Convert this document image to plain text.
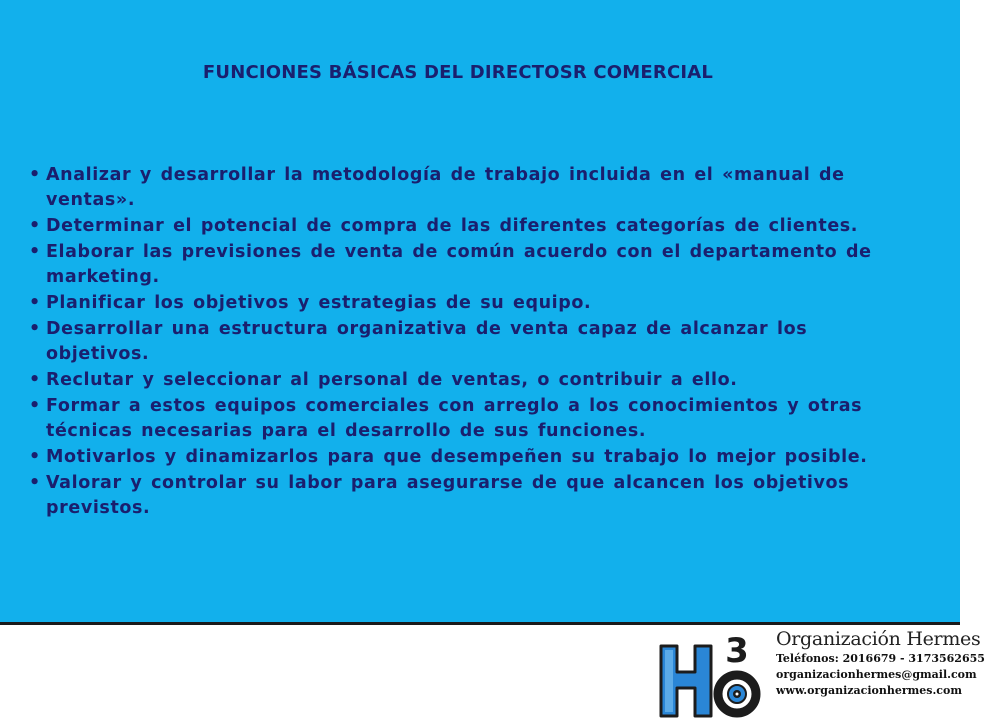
FUNCIONES BÁSICAS DEL DIRECTOSR COMERCIAL
• Analizar y desarrollar la metodología de trabajo incluida en el «manual de ventas».
• Determinar el potencial de compra de las diferentes categorías de clientes.
• Elaborar las previsiones de venta de común acuerdo con el departamento de marketing.
• Planificar los objetivos y estrategias de su equipo.
• Desarrollar una estructura organizativa de venta capaz de alcanzar los objetivos.
• Reclutar y seleccionar al personal de ventas, o contribuir a ello.
• Formar a estos equipos comerciales con arreglo a los conocimientos y otras técnicas necesarias para el desarrollo de sus funciones.
• Motivarlos y dinamizarlos para que desempeñen su trabajo lo mejor posible.
• Valorar y controlar su labor para asegurarse de que alcancen los objetivos previstos.
3 Organización Hermes
Teléfonos: 2016679 - 3173562655
organizacionhermes@gmail.com
www.organizacionhermes.com
